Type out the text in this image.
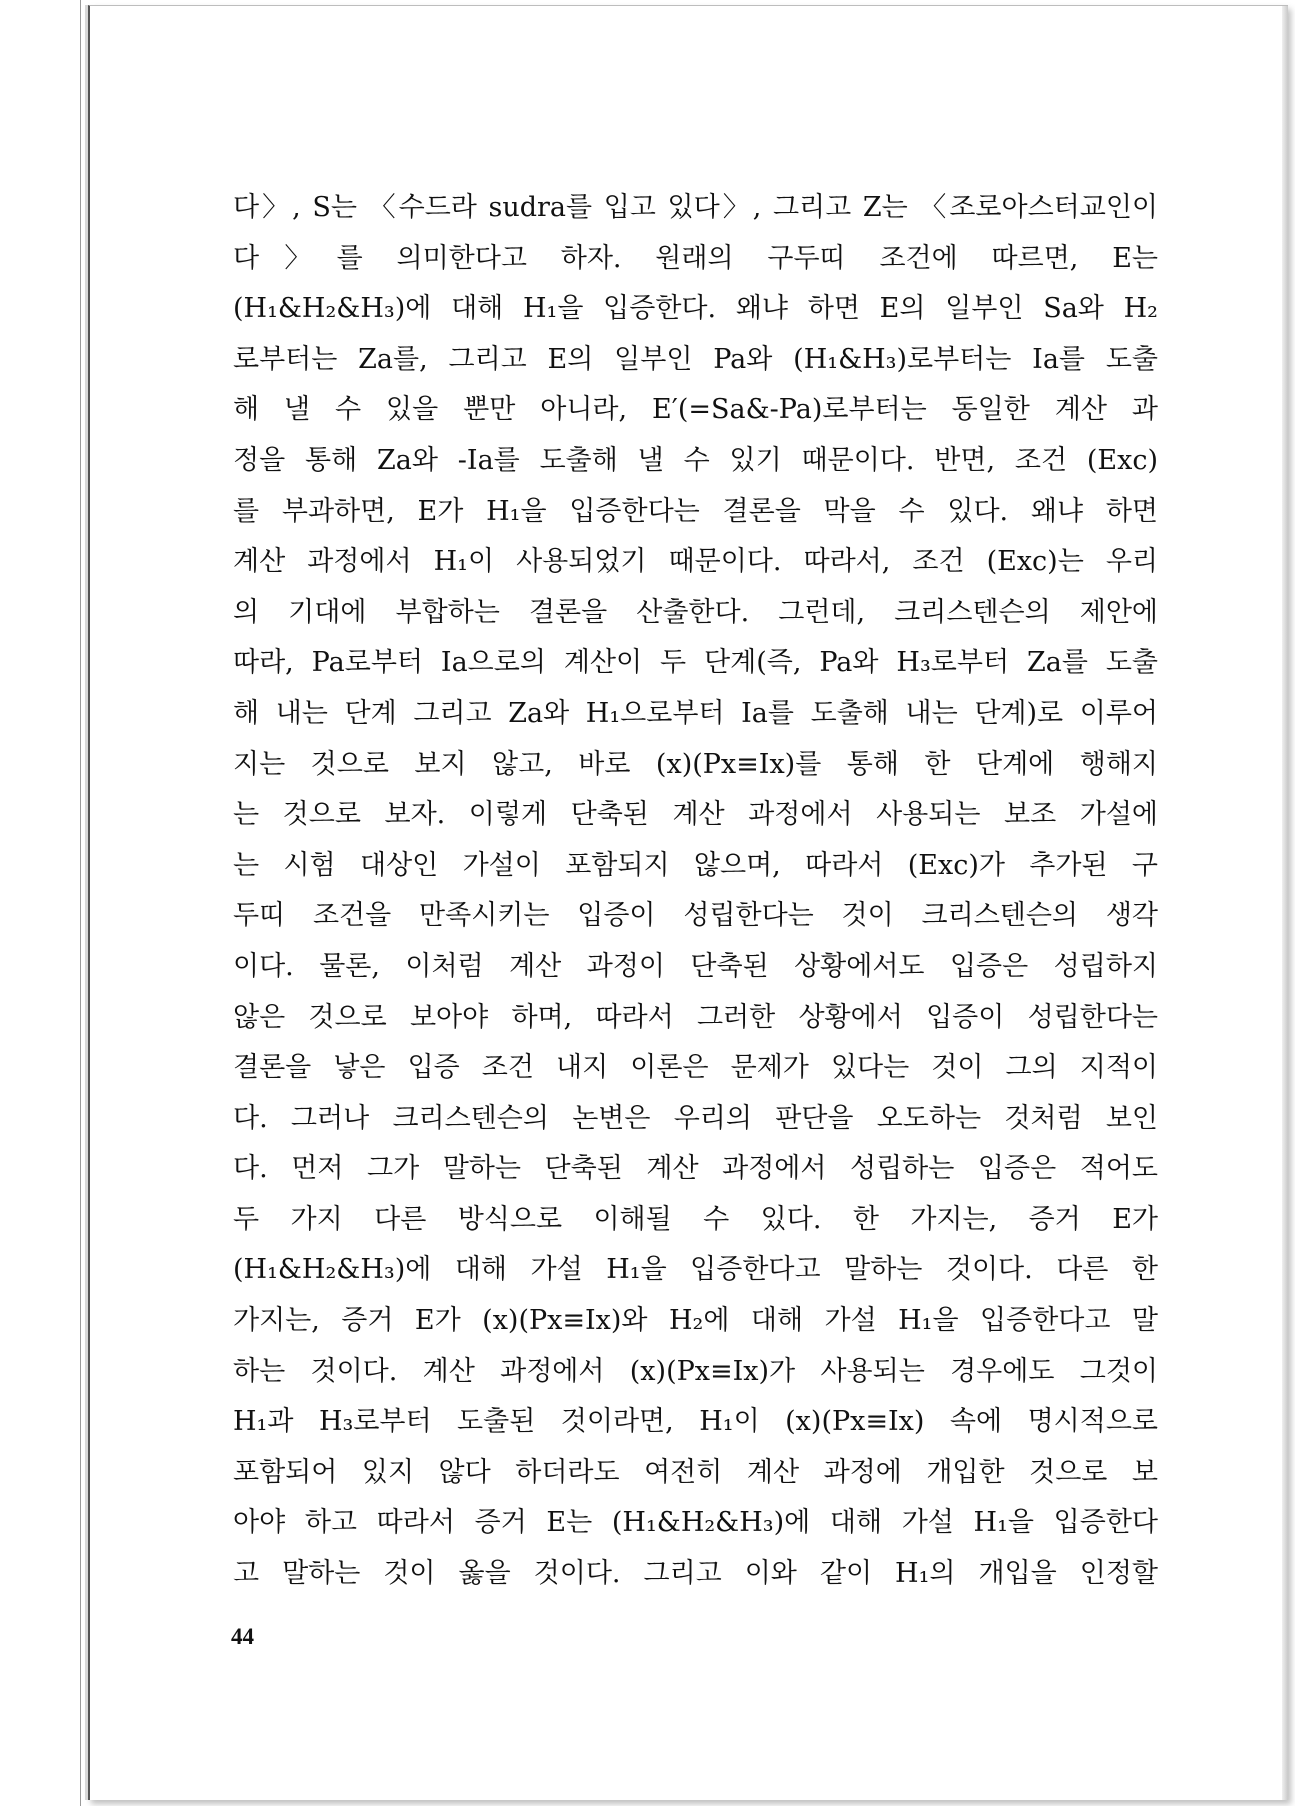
다〉, S는 〈수드라 sudra를 입고 있다〉, 그리고 Z는 〈조로아스터교인이
다〉를 의미한다고 하자. 원래의 구두띠 조건에 따르면, E는
(H₁&H₂&H₃)에 대해 H₁을 입증한다. 왜냐 하면 E의 일부인 Sa와 H₂
로부터는 Za를, 그리고 E의 일부인 Pa와 (H₁&H₃)로부터는 Ia를 도출
해 낼 수 있을 뿐만 아니라, E′(=Sa&-Pa)로부터는 동일한 계산 과
정을 통해 Za와 -Ia를 도출해 낼 수 있기 때문이다. 반면, 조건 (Exc)
를 부과하면, E가 H₁을 입증한다는 결론을 막을 수 있다. 왜냐 하면
계산 과정에서 H₁이 사용되었기 때문이다. 따라서, 조건 (Exc)는 우리
의 기대에 부합하는 결론을 산출한다. 그런데, 크리스텐슨의 제안에
따라, Pa로부터 Ia으로의 계산이 두 단계(즉, Pa와 H₃로부터 Za를 도출
해 내는 단계 그리고 Za와 H₁으로부터 Ia를 도출해 내는 단계)로 이루어
지는 것으로 보지 않고, 바로 (x)(Px≡Ix)를 통해 한 단계에 행해지
는 것으로 보자. 이렇게 단축된 계산 과정에서 사용되는 보조 가설에
는 시험 대상인 가설이 포함되지 않으며, 따라서 (Exc)가 추가된 구
두띠 조건을 만족시키는 입증이 성립한다는 것이 크리스텐슨의 생각
이다. 물론, 이처럼 계산 과정이 단축된 상황에서도 입증은 성립하지
않은 것으로 보아야 하며, 따라서 그러한 상황에서 입증이 성립한다는
결론을 낳은 입증 조건 내지 이론은 문제가 있다는 것이 그의 지적이
다. 그러나 크리스텐슨의 논변은 우리의 판단을 오도하는 것처럼 보인
다. 먼저 그가 말하는 단축된 계산 과정에서 성립하는 입증은 적어도
두 가지 다른 방식으로 이해될 수 있다. 한 가지는, 증거 E가
(H₁&H₂&H₃)에 대해 가설 H₁을 입증한다고 말하는 것이다. 다른 한
가지는, 증거 E가 (x)(Px≡Ix)와 H₂에 대해 가설 H₁을 입증한다고 말
하는 것이다. 계산 과정에서 (x)(Px≡Ix)가 사용되는 경우에도 그것이
H₁과 H₃로부터 도출된 것이라면, H₁이 (x)(Px≡Ix) 속에 명시적으로
포함되어 있지 않다 하더라도 여전히 계산 과정에 개입한 것으로 보
아야 하고 따라서 증거 E는 (H₁&H₂&H₃)에 대해 가설 H₁을 입증한다
고 말하는 것이 옳을 것이다. 그리고 이와 같이 H₁의 개입을 인정할
44
